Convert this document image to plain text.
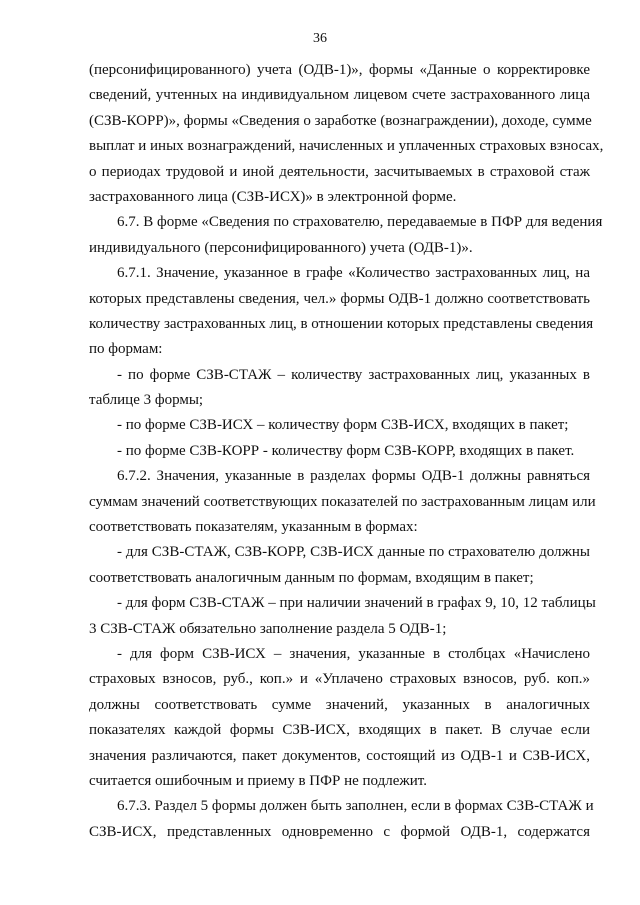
36
(персонифицированного) учета (ОДВ-1)», формы «Данные о корректировке
сведений, учтенных на индивидуальном лицевом счете застрахованного лица
(СЗВ-КОРР)», формы «Сведения о заработке (вознаграждении), доходе, сумме
выплат и иных вознаграждений, начисленных и уплаченных страховых взносах,
о периодах трудовой и иной деятельности, засчитываемых в страховой стаж
застрахованного лица (СЗВ-ИСХ)» в электронной форме.
6.7. В форме «Сведения по страхователю, передаваемые в ПФР для ведения
индивидуального (персонифицированного) учета (ОДВ-1)».
6.7.1. Значение, указанное в графе «Количество застрахованных лиц, на
которых представлены сведения, чел.» формы ОДВ-1 должно соответствовать
количеству застрахованных лиц, в отношении которых представлены сведения
по формам:
- по форме СЗВ-СТАЖ – количеству застрахованных лиц, указанных в
таблице 3 формы;
- по форме СЗВ-ИСХ – количеству форм СЗВ-ИСХ, входящих в пакет;
- по форме СЗВ-КОРР - количеству форм СЗВ-КОРР, входящих в пакет.
6.7.2. Значения, указанные в разделах формы ОДВ-1 должны равняться
суммам значений соответствующих показателей по застрахованным лицам или
соответствовать показателям, указанным в формах:
- для СЗВ-СТАЖ, СЗВ-КОРР, СЗВ-ИСХ данные по страхователю должны
соответствовать аналогичным данным по формам, входящим в пакет;
- для форм СЗВ-СТАЖ – при наличии значений в графах 9, 10, 12 таблицы
3 СЗВ-СТАЖ обязательно заполнение раздела 5 ОДВ-1;
- для форм СЗВ-ИСХ – значения, указанные в столбцах «Начислено
страховых взносов, руб., коп.» и «Уплачено страховых взносов, руб. коп.»
должны соответствовать сумме значений, указанных в аналогичных
показателях каждой формы СЗВ-ИСХ, входящих в пакет. В случае если
значения различаются, пакет документов, состоящий из ОДВ-1 и СЗВ-ИСХ,
считается ошибочным и приему в ПФР не подлежит.
6.7.3. Раздел 5 формы должен быть заполнен, если в формах СЗВ-СТАЖ и
СЗВ-ИСХ, представленных одновременно с формой ОДВ-1, содержатся
